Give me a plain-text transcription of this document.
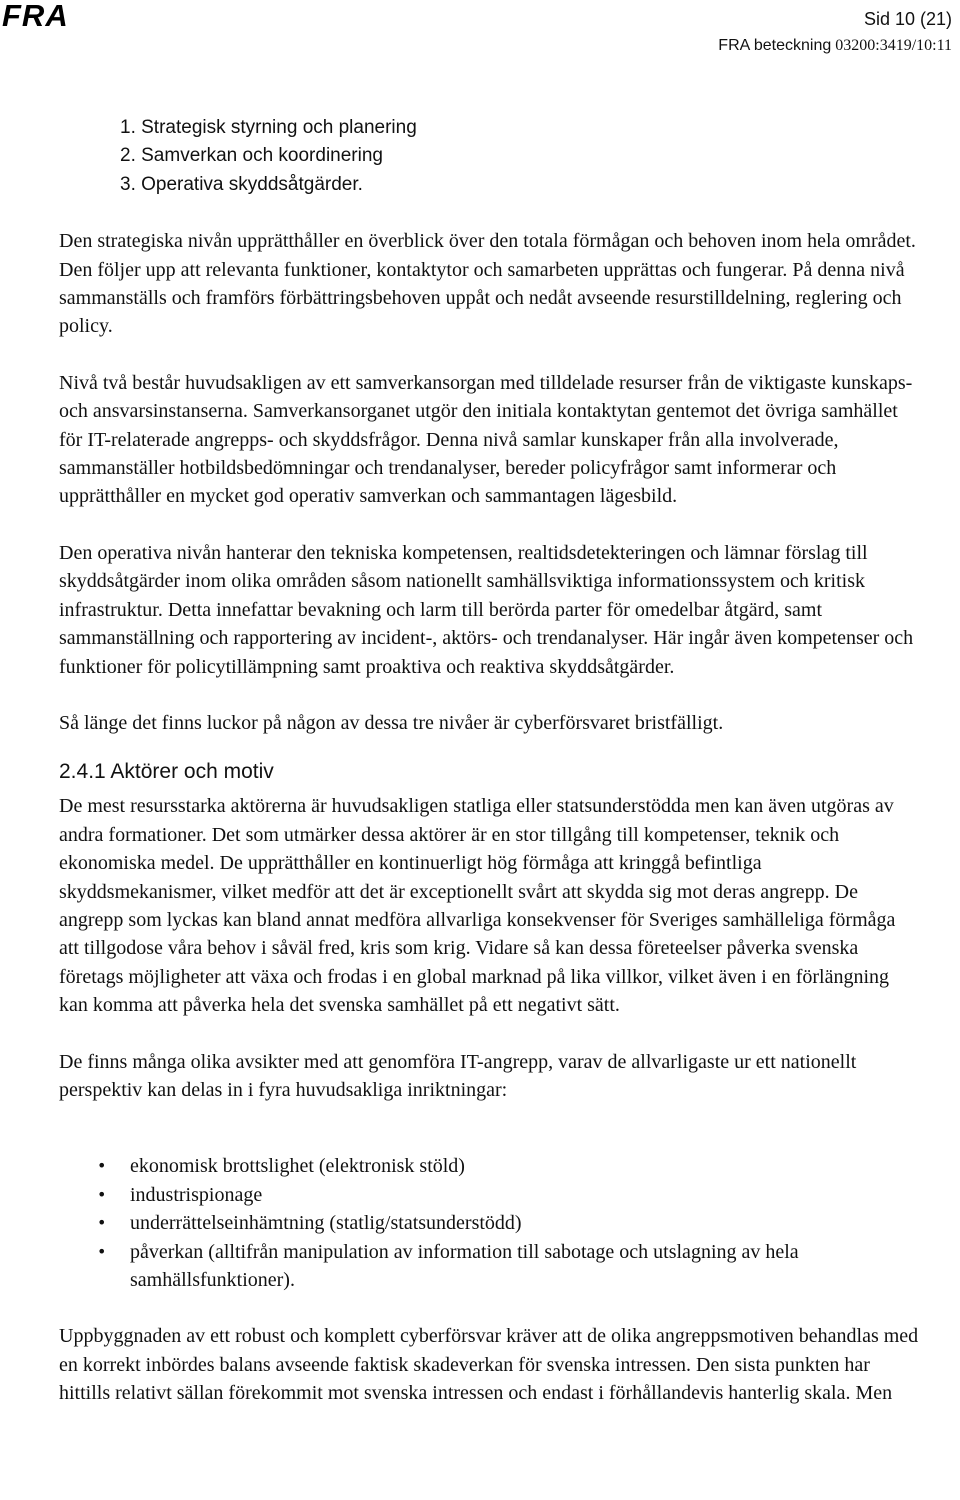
FRA	Sid 10 (21)
FRA beteckning 03200:3419/10:11
1. Strategisk styrning och planering
2. Samverkan och koordinering
3. Operativa skyddsåtgärder.

Den strategiska nivån upprätthåller en överblick över den totala förmågan och behoven inom hela området. Den följer upp att relevanta funktioner, kontaktytor och samarbeten upprättas och fungerar. På denna nivå sammanställs och framförs förbättringsbehoven uppåt och nedåt avseende resurstilldelning, reglering och policy.

Nivå två består huvudsakligen av ett samverkansorgan med tilldelade resurser från de viktigaste kunskaps- och ansvarsinstanserna. Samverkansorganet utgör den initiala kontaktytan gentemot det övriga samhället för IT-relaterade angrepps- och skyddsfrågor. Denna nivå samlar kunskaper från alla involverade, sammanställer hotbildsbedömningar och trendanalyser, bereder policyfrågor samt informerar och upprätthåller en mycket god operativ samverkan och sammantagen lägesbild.

Den operativa nivån hanterar den tekniska kompetensen, realtidsdetekteringen och lämnar förslag till skyddsåtgärder inom olika områden såsom nationellt samhällsviktiga informationssystem och kritisk infrastruktur. Detta innefattar bevakning och larm till berörda parter för omedelbar åtgärd, samt sammanställning och rapportering av incident-, aktörs- och trendanalyser. Här ingår även kompetenser och funktioner för policytillämpning samt proaktiva och reaktiva skyddsåtgärder.

Så länge det finns luckor på någon av dessa tre nivåer är cyberförsvaret bristfälligt.

2.4.1 Aktörer och motiv

De mest resursstarka aktörerna är huvudsakligen statliga eller statsunderstödda men kan även utgöras av andra formationer. Det som utmärker dessa aktörer är en stor tillgång till kompetenser, teknik och ekonomiska medel. De upprätthåller en kontinuerligt hög förmåga att kringgå befintliga skyddsmekanismer, vilket medför att det är exceptionellt svårt att skydda sig mot deras angrepp. De angrepp som lyckas kan bland annat medföra allvarliga konsekvenser för Sveriges samhälleliga förmåga att tillgodose våra behov i såväl fred, kris som krig. Vidare så kan dessa företeelser påverka svenska företags möjligheter att växa och frodas i en global marknad på lika villkor, vilket även i en förlängning kan komma att påverka hela det svenska samhället på ett negativt sätt.

De finns många olika avsikter med att genomföra IT-angrepp, varav de allvarligaste ur ett nationellt perspektiv kan delas in i fyra huvudsakliga inriktningar:

• ekonomisk brottslighet (elektronisk stöld)
• industrispionage
• underrättelseinhämtning (statlig/statsunderstödd)
• påverkan (alltifrån manipulation av information till sabotage och utslagning av hela samhällsfunktioner).

Uppbyggnaden av ett robust och komplett cyberförsvar kräver att de olika angreppsmotiven behandlas med en korrekt inbördes balans avseende faktisk skadeverkan för svenska intressen. Den sista punkten har hittills relativt sällan förekommit mot svenska intressen och endast i förhållandevis hanterlig skala. Men
